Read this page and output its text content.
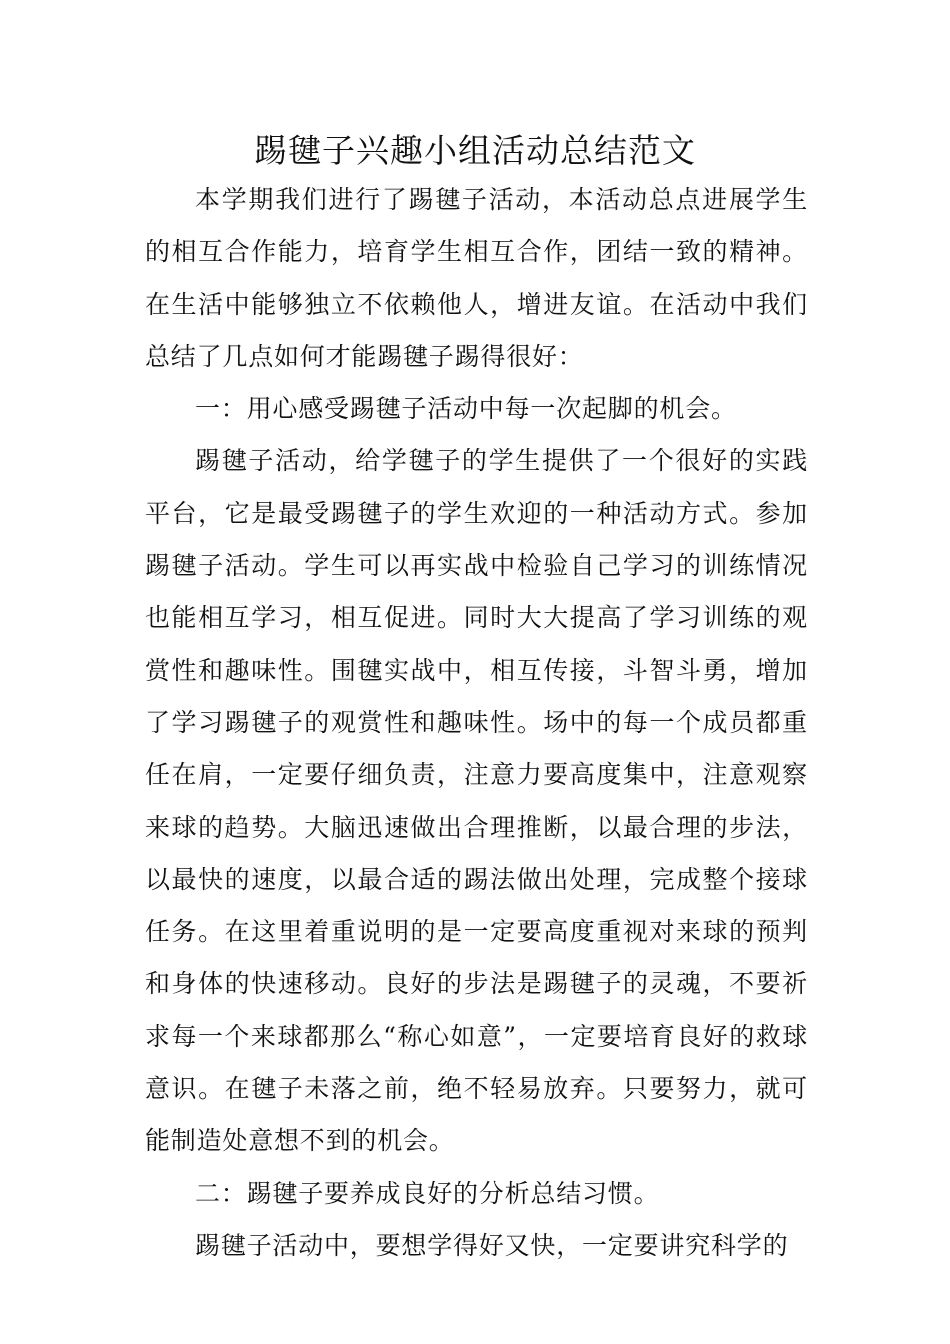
踢毽子兴趣小组活动总结范文

本学期我们进行了踢毽子活动，本活动总点进展学生的相互合作能力，培育学生相互合作，团结一致的精神。在生活中能够独立不依赖他人，增进友谊。在活动中我们总结了几点如何才能踢毽子踢得很好：

一：用心感受踢毽子活动中每一次起脚的机会。

踢毽子活动，给学毽子的学生提供了一个很好的实践平台，它是最受踢毽子的学生欢迎的一种活动方式。参加踢毽子活动。学生可以再实战中检验自己学习的训练情况也能相互学习，相互促进。同时大大提高了学习训练的观赏性和趣味性。围毽实战中，相互传接，斗智斗勇，增加了学习踢毽子的观赏性和趣味性。场中的每一个成员都重任在肩，一定要仔细负责，注意力要高度集中，注意观察来球的趋势。大脑迅速做出合理推断，以最合理的步法，以最快的速度，以最合适的踢法做出处理，完成整个接球任务。在这里着重说明的是一定要高度重视对来球的预判和身体的快速移动。良好的步法是踢毽子的灵魂，不要祈求每一个来球都那么“称心如意”，一定要培育良好的救球意识。在毽子未落之前，绝不轻易放弃。只要努力，就可能制造处意想不到的机会。

二：踢毽子要养成良好的分析总结习惯。

踢毽子活动中，要想学得好又快，一定要讲究科学的
